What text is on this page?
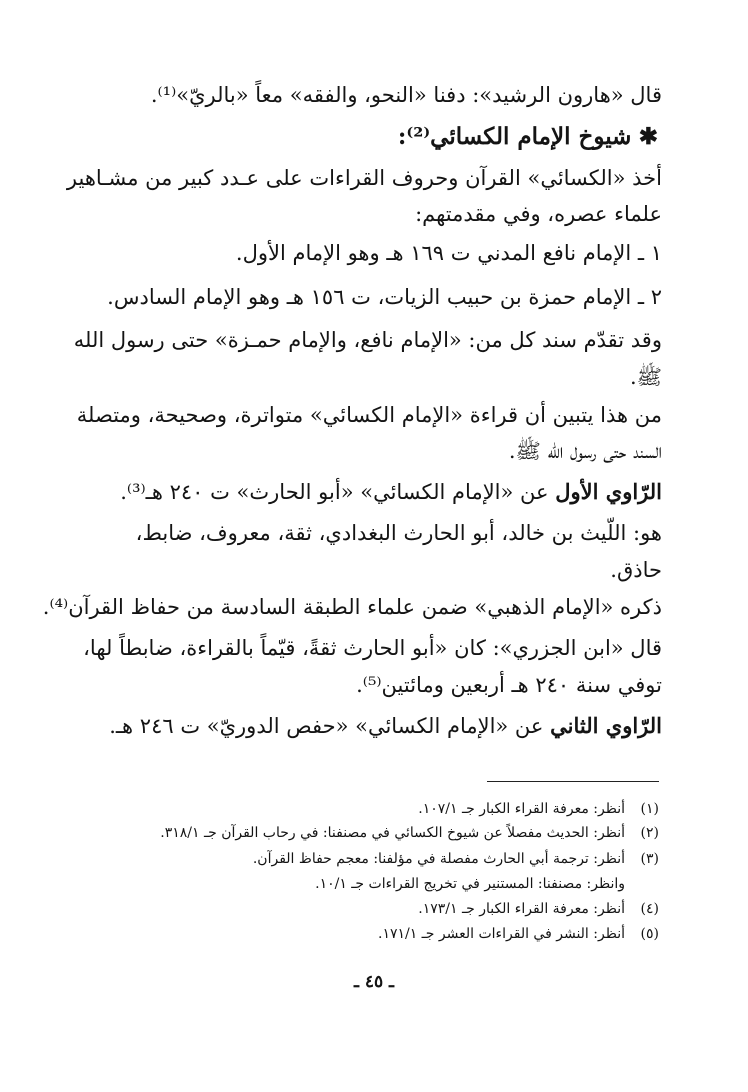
قال «هارون الرشيد»: دفنا «النحو، والفقه» معاً «بالريّ»⁽¹⁾.
✱ شيوخ الإمام الكسائي⁽²⁾:
أخذ «الكسائي» القرآن وحروف القراءات على عـدد كبير من مشـاهير
علماء عصره، وفي مقدمتهم:
١ ـ الإمام نافع المدني ت ١٦٩ هـ وهو الإمام الأول.
٢ ـ الإمام حمزة بن حبيب الزيات، ت ١٥٦ هـ وهو الإمام السادس.
وقد تقدّم سند كل من: «الإمام نافع، والإمام حمـزة» حتى رسول الله
ﷺ.
من هذا يتبين أن قراءة «الإمام الكسائي» متواترة، وصحيحة، ومتصلة
السند حتى رسول الله ﷺ.
الرّاوي الأول عن «الإمام الكسائي» «أبو الحارث» ت ٢٤٠ هـ⁽³⁾.
هو: اللّيث بن خالد، أبو الحارث البغدادي، ثقة، معروف، ضابط،
حاذق.
ذكره «الإمام الذهبي» ضمن علماء الطبقة السادسة من حفاظ القرآن⁽⁴⁾.
قال «ابن الجزري»: كان «أبو الحارث ثقةً، قيّماً بالقراءة، ضابطاً لها،
توفي سنة ٢٤٠ هـ أربعين ومائتين⁽⁵⁾.
الرّاوي الثاني عن «الإمام الكسائي» «حفص الدوريّ» ت ٢٤٦ هـ.
(١)أنظر: معرفة القراء الكبار جـ ١٠٧/١.
(٢)أنظر: الحديث مفصلاً عن شيوخ الكسائي في مصنفنا: في رحاب القرآن جـ ٣١٨/١.
(٣)أنظر: ترجمة أبي الحارث مفصلة في مؤلفنا: معجم حفاظ القرآن.
وانظر: مصنفنا: المستنير في تخريج القراءات جـ ١٠/١.
(٤)أنظر: معرفة القراء الكبار جـ ١٧٣/١.
(٥)أنظر: النشر في القراءات العشر جـ ١٧١/١.
ـ ٤٥ ـ
